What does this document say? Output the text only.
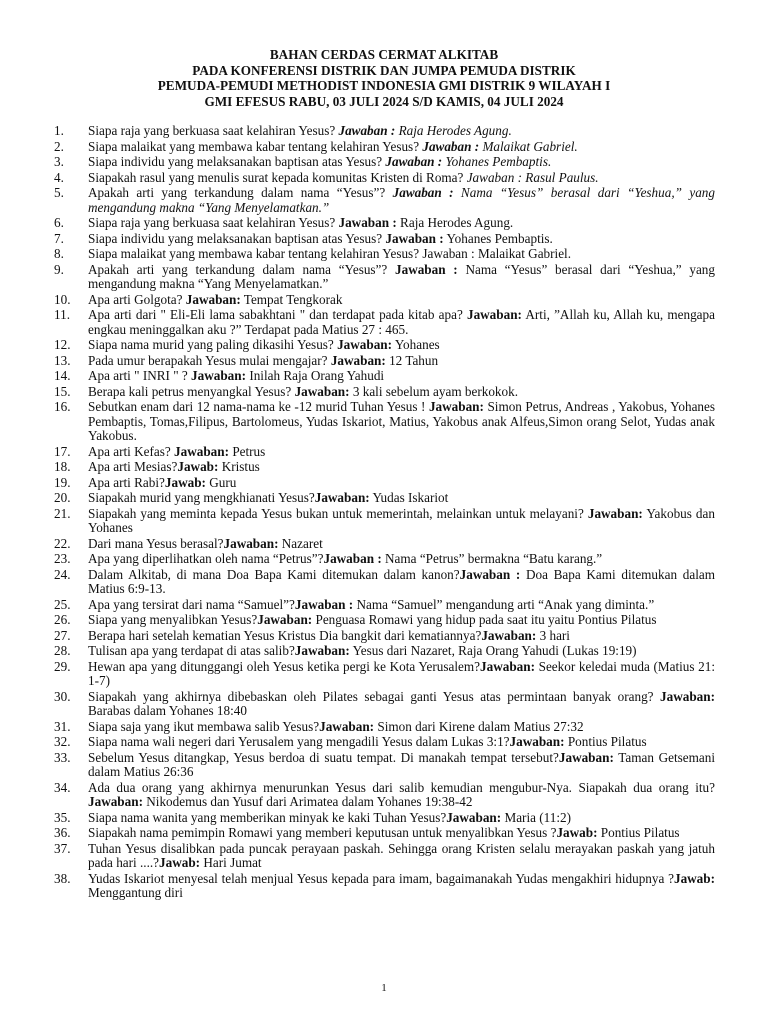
BAHAN CERDAS CERMAT ALKITAB
PADA KONFERENSI DISTRIK DAN JUMPA PEMUDA DISTRIK
PEMUDA-PEMUDI METHODIST INDONESIA GMI DISTRIK 9 WILAYAH I
GMI EFESUS RABU, 03 JULI 2024 S/D KAMIS, 04 JULI 2024
1.	Siapa raja yang berkuasa saat kelahiran Yesus? Jawaban : Raja Herodes Agung.
2.	Siapa malaikat yang membawa kabar tentang kelahiran Yesus? Jawaban : Malaikat Gabriel.
3.	Siapa individu yang melaksanakan baptisan atas Yesus? Jawaban : Yohanes Pembaptis.
4.	Siapakah rasul yang menulis surat kepada komunitas Kristen di Roma? Jawaban : Rasul Paulus.
5.	Apakah arti yang terkandung dalam nama “Yesus”? Jawaban : Nama “Yesus” berasal dari “Yeshua,” yang mengandung makna “Yang Menyelamatkan.”
6.	Siapa raja yang berkuasa saat kelahiran Yesus? Jawaban : Raja Herodes Agung.
7.	Siapa individu yang melaksanakan baptisan atas Yesus? Jawaban : Yohanes Pembaptis.
8.	Siapa malaikat yang membawa kabar tentang kelahiran Yesus? Jawaban : Malaikat Gabriel.
9.	Apakah arti yang terkandung dalam nama “Yesus”? Jawaban : Nama “Yesus” berasal dari “Yeshua,” yang mengandung makna “Yang Menyelamatkan.”
10.	Apa arti Golgota? Jawaban: Tempat Tengkorak
11.	Apa arti dari " Eli-Eli lama sabakhtani " dan terdapat pada kitab apa? Jawaban: Arti, ”Allah ku, Allah ku, mengapa engkau meninggalkan aku ?” Terdapat pada Matius 27 : 465.
12.	Siapa nama murid yang paling dikasihi Yesus? Jawaban: Yohanes
13.	Pada umur berapakah Yesus mulai mengajar? Jawaban: 12 Tahun
14.	Apa arti " INRI " ? Jawaban: Inilah Raja Orang Yahudi
15.	Berapa kali petrus menyangkal Yesus? Jawaban: 3 kali sebelum ayam berkokok.
16.	Sebutkan enam dari 12 nama-nama ke -12 murid Tuhan Yesus ! Jawaban: Simon Petrus, Andreas , Yakobus, Yohanes Pembaptis, Tomas,Filipus, Bartolomeus, Yudas Iskariot, Matius, Yakobus anak Alfeus,Simon orang Selot, Yudas anak Yakobus.
17.	Apa arti Kefas? Jawaban: Petrus
18.	Apa arti Mesias?Jawab: Kristus
19.	Apa arti Rabi?Jawab: Guru
20.	Siapakah murid yang mengkhianati Yesus?Jawaban: Yudas Iskariot
21.	Siapakah yang meminta kepada Yesus bukan untuk memerintah, melainkan untuk melayani? Jawaban: Yakobus dan Yohanes
22.	Dari mana Yesus berasal?Jawaban: Nazaret
23.	Apa yang diperlihatkan oleh nama “Petrus”?Jawaban : Nama “Petrus” bermakna “Batu karang.”
24.	Dalam Alkitab, di mana Doa Bapa Kami ditemukan dalam kanon?Jawaban : Doa Bapa Kami ditemukan dalam Matius 6:9-13.
25.	Apa yang tersirat dari nama “Samuel”?Jawaban : Nama “Samuel” mengandung arti “Anak yang diminta.”
26.	Siapa yang menyalibkan Yesus?Jawaban: Penguasa Romawi yang hidup pada saat itu yaitu Pontius Pilatus
27.	Berapa hari setelah kematian Yesus Kristus Dia bangkit dari kematiannya?Jawaban: 3 hari
28.	Tulisan apa yang terdapat di atas salib?Jawaban: Yesus dari Nazaret, Raja Orang Yahudi (Lukas 19:19)
29.	Hewan apa yang ditunggangi oleh Yesus ketika pergi ke Kota Yerusalem?Jawaban: Seekor keledai muda (Matius 21: 1-7)
30.	Siapakah yang akhirnya dibebaskan oleh Pilates sebagai ganti Yesus atas permintaan banyak orang? Jawaban: Barabas dalam Yohanes 18:40
31.	Siapa saja yang ikut membawa salib Yesus?Jawaban: Simon dari Kirene dalam Matius 27:32
32.	Siapa nama wali negeri dari Yerusalem yang mengadili Yesus dalam Lukas 3:1?Jawaban: Pontius Pilatus
33.	Sebelum Yesus ditangkap, Yesus berdoa di suatu tempat. Di manakah tempat tersebut?Jawaban: Taman Getsemani dalam Matius 26:36
34.	Ada dua orang yang akhirnya menurunkan Yesus dari salib kemudian mengubur-Nya. Siapakah dua orang itu?Jawaban: Nikodemus dan Yusuf dari Arimatea dalam Yohanes 19:38-42
35.	Siapa nama wanita yang memberikan minyak ke kaki Tuhan Yesus?Jawaban: Maria (11:2)
36.	Siapakah nama pemimpin Romawi yang memberi keputusan untuk menyalibkan Yesus ?Jawab: Pontius Pilatus
37.	Tuhan Yesus disalibkan pada puncak perayaan paskah. Sehingga orang Kristen selalu merayakan paskah yang jatuh pada hari ....?Jawab: Hari Jumat
38.	Yudas Iskariot menyesal telah menjual Yesus kepada para imam, bagaimanakah Yudas mengakhiri hidupnya ?Jawab: Menggantung diri
1
